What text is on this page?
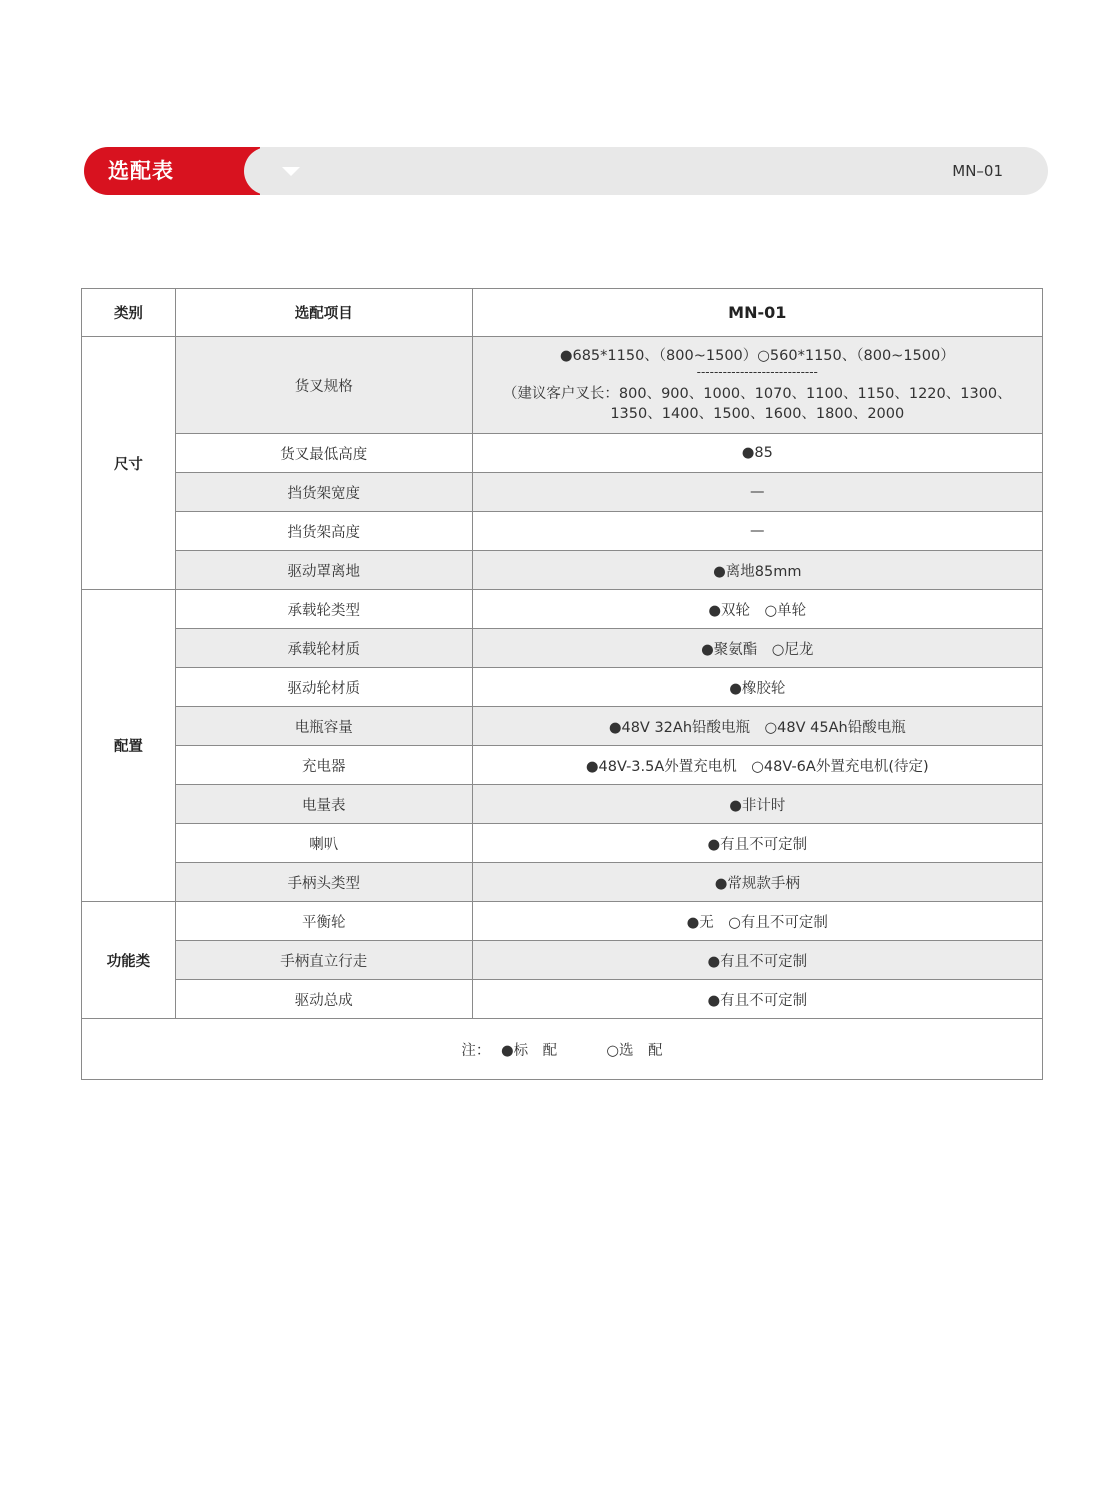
选配表	MN–01
类别	选配项目	MN-01
尺寸	货叉规格	●685*1150、（800~1500）○560*1150、（800~1500）
----------------------------
（建议客户叉长：800、900、1000、1070、1100、1150、1220、1300、
1350、1400、1500、1600、1800、2000

	货叉最低高度	●85
	挡货架宽度	—
	挡货架高度	—
	驱动罩离地	●离地85mm
配置	承载轮类型	●双轮　○单轮
	承载轮材质	●聚氨酯　○尼龙
	驱动轮材质	●橡胶轮
	电瓶容量	●48V 32Ah铅酸电瓶　○48V 45Ah铅酸电瓶
	充电器	●48V-3.5A外置充电机　○48V-6A外置充电机(待定)
	电量表	●非计时
	喇叭	●有且不可定制
	手柄头类型	●常规款手柄
功能类	平衡轮	●无　○有且不可定制
	手柄直立行走	●有且不可定制
	驱动总成	●有且不可定制
注： ●标　配 ○选　配		
